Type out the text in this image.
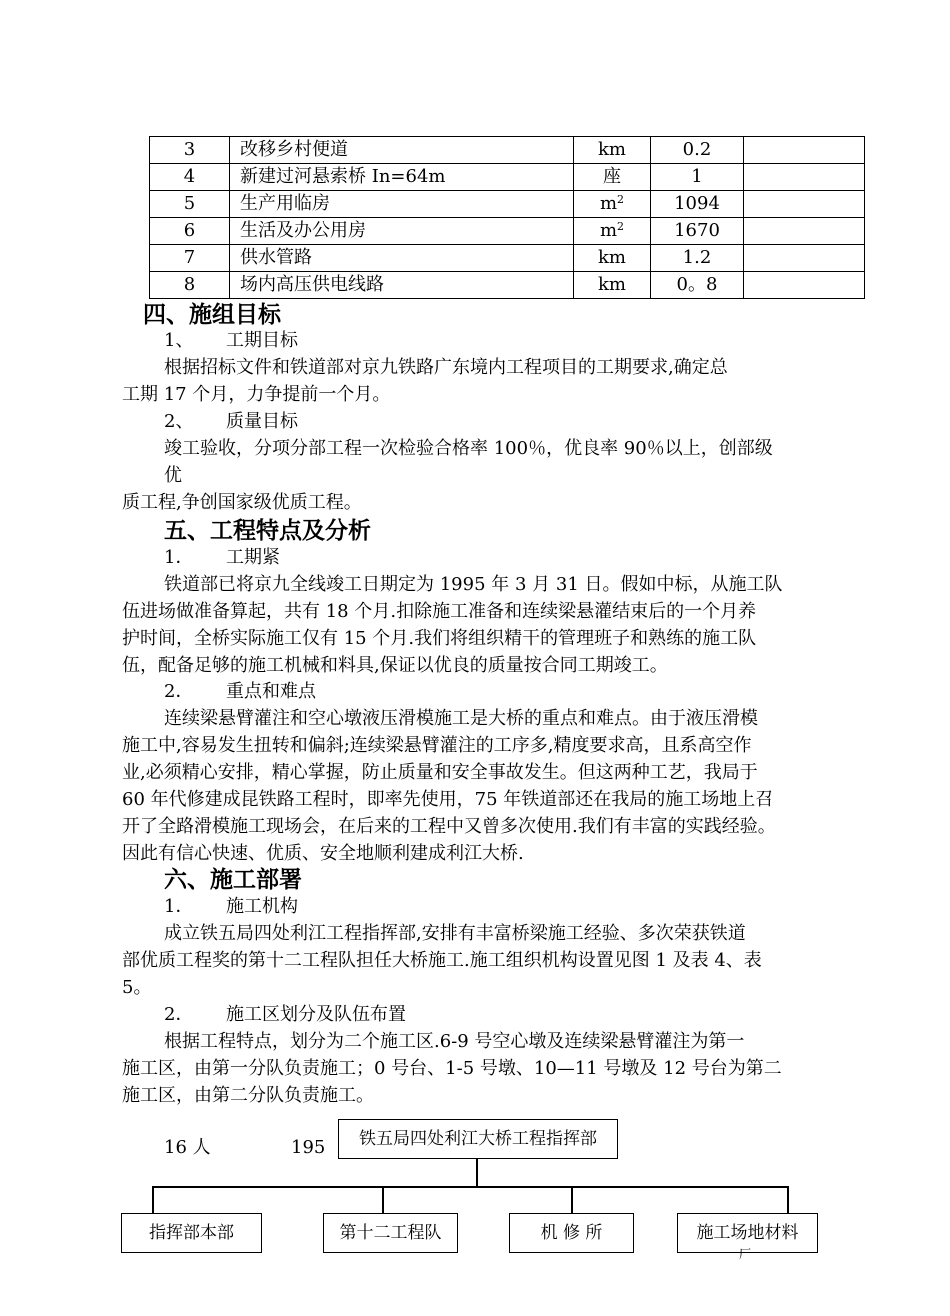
3	改移乡村便道	km	0.2	
4	新建过河悬索桥 In=64m	座	1	
5	生产用临房	$m^2$	1094	
6	生活及办公用房	$m^2$	1670	
7	供水管路	km	1.2	
8	场内高压供电线路	km	0。8	
四、施组目标
1、 工期目标
根据招标文件和铁道部对京九铁路广东境内工程项目的工期要求,确定总
工期 17 个月，力争提前一个月。
2、 质量目标
竣工验收，分项分部工程一次检验合格率 100％，优良率 90％以上，创部级
优
质工程,争创国家级优质工程。
五、工程特点及分析
1． 工期紧
铁道部已将京九全线竣工日期定为 1995 年 3 月 31 日。假如中标，从施工队
伍进场做准备算起，共有 18 个月.扣除施工准备和连续梁悬灌结束后的一个月养
护时间，全桥实际施工仅有 15 个月.我们将组织精干的管理班子和熟练的施工队
伍，配备足够的施工机械和料具,保证以优良的质量按合同工期竣工。
2． 重点和难点
连续梁悬臂灌注和空心墩液压滑模施工是大桥的重点和难点。由于液压滑模
施工中,容易发生扭转和偏斜;连续梁悬臂灌注的工序多,精度要求高，且系高空作
业,必须精心安排，精心掌握，防止质量和安全事故发生。但这两种工艺，我局于
60 年代修建成昆铁路工程时，即率先使用，75 年铁道部还在我局的施工场地上召
开了全路滑模施工现场会，在后来的工程中又曾多次使用.我们有丰富的实践经验。
因此有信心快速、优质、安全地顺利建成利江大桥.
六、施工部署
1． 施工机构
成立铁五局四处利江工程指挥部,安排有丰富桥梁施工经验、多次荣获铁道
部优质工程奖的第十二工程队担任大桥施工.施工组织机构设置见图 1 及表 4、表
5。
2． 施工区划分及队伍布置
根据工程特点，划分为二个施工区.6-9 号空心墩及连续梁悬臂灌注为第一
施工区，由第一分队负责施工；0 号台、1-5 号墩、10—11 号墩及 12 号台为第二
施工区，由第二分队负责施工。
16 人	195	铁五局四处利江大桥工程指挥部
指挥部本部	第十二工程队	机 修 所	施工场地材料
厂
